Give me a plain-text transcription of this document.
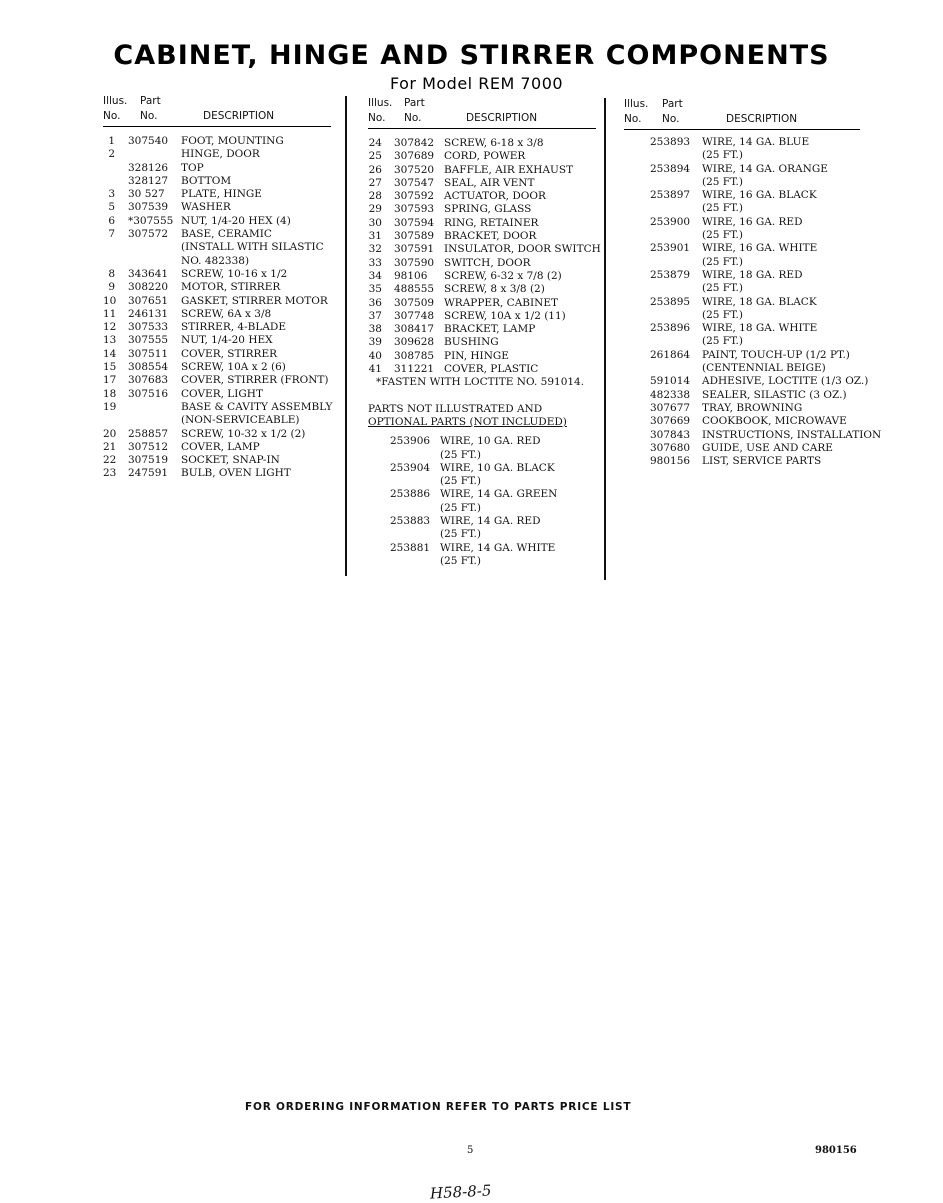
CABINET, HINGE AND STIRRER COMPONENTS
For Model REM 7000
Illus. Part
No. No.	DESCRIPTION
1 307540 FOOT, MOUNTING
2	HINGE, DOOR
328126 TOP
328127 BOTTOM
3 30 527 PLATE, HINGE
5 307539 WASHER
6 *307555 NUT, 1/4-20 HEX (4)
7 307572 BASE, CERAMIC
(INSTALL WITH SILASTIC
NO. 482338)
8 343641 SCREW, 10-16 x 1/2
9 308220 MOTOR, STIRRER
10 307651 GASKET, STIRRER MOTOR
11 246131 SCREW, 6A x 3/8
12 307533 STIRRER, 4-BLADE
13 307555 NUT, 1/4-20 HEX
14 307511 COVER, STIRRER
15 308554 SCREW, 10A x 2 (6)
17 307683 COVER, STIRRER (FRONT)
18 307516 COVER, LIGHT
19	BASE & CAVITY ASSEMBLY
(NON-SERVICEABLE)
20 258857 SCREW, 10-32 x 1/2 (2)
21 307512 COVER, LAMP
22 307519 SOCKET, SNAP-IN
23 247591 BULB, OVEN LIGHT
Illus. Part
No. No.	DESCRIPTION
24 307842 SCREW, 6-18 x 3/8
25 307689 CORD, POWER
26 307520 BAFFLE, AIR EXHAUST
27 307547 SEAL, AIR VENT
28 307592 ACTUATOR, DOOR
29 307593 SPRING, GLASS
30 307594 RING, RETAINER
31 307589 BRACKET, DOOR
32 307591 INSULATOR, DOOR SWITCH
33 307590 SWITCH, DOOR
34 98106 SCREW, 6-32 x 7/8 (2)
35 488555 SCREW, 8 x 3/8 (2)
36 307509 WRAPPER, CABINET
37 307748 SCREW, 10A x 1/2 (11)
38 308417 BRACKET, LAMP
39 309628 BUSHING
40 308785 PIN, HINGE
41 311221 COVER, PLASTIC
*FASTEN WITH LOCTITE NO. 591014.
PARTS NOT ILLUSTRATED AND
OPTIONAL PARTS (NOT INCLUDED)
253906 WIRE, 10 GA. RED
(25 FT.)
253904 WIRE, 10 GA. BLACK
(25 FT.)
253886 WIRE, 14 GA. GREEN
(25 FT.)
253883 WIRE, 14 GA. RED
(25 FT.)
253881 WIRE, 14 GA. WHITE
(25 FT.)
Illus. Part
No. No.	DESCRIPTION
253893 WIRE, 14 GA. BLUE
(25 FT.)
253894 WIRE, 14 GA. ORANGE
(25 FT.)
253897 WIRE, 16 GA. BLACK
(25 FT.)
253900 WIRE, 16 GA. RED
(25 FT.)
253901 WIRE, 16 GA. WHITE
(25 FT.)
253879 WIRE, 18 GA. RED
(25 FT.)
253895 WIRE, 18 GA. BLACK
(25 FT.)
253896 WIRE, 18 GA. WHITE
(25 FT.)
261864 PAINT, TOUCH-UP (1/2 PT.)
(CENTENNIAL BEIGE)
591014 ADHESIVE, LOCTITE (1/3 OZ.)
482338 SEALER, SILASTIC (3 OZ.)
307677 TRAY, BROWNING
307669 COOKBOOK, MICROWAVE
307843 INSTRUCTIONS, INSTALLATION
307680 GUIDE, USE AND CARE
980156 LIST, SERVICE PARTS
FOR ORDERING INFORMATION REFER TO PARTS PRICE LIST
5	980156
H58-8-5
